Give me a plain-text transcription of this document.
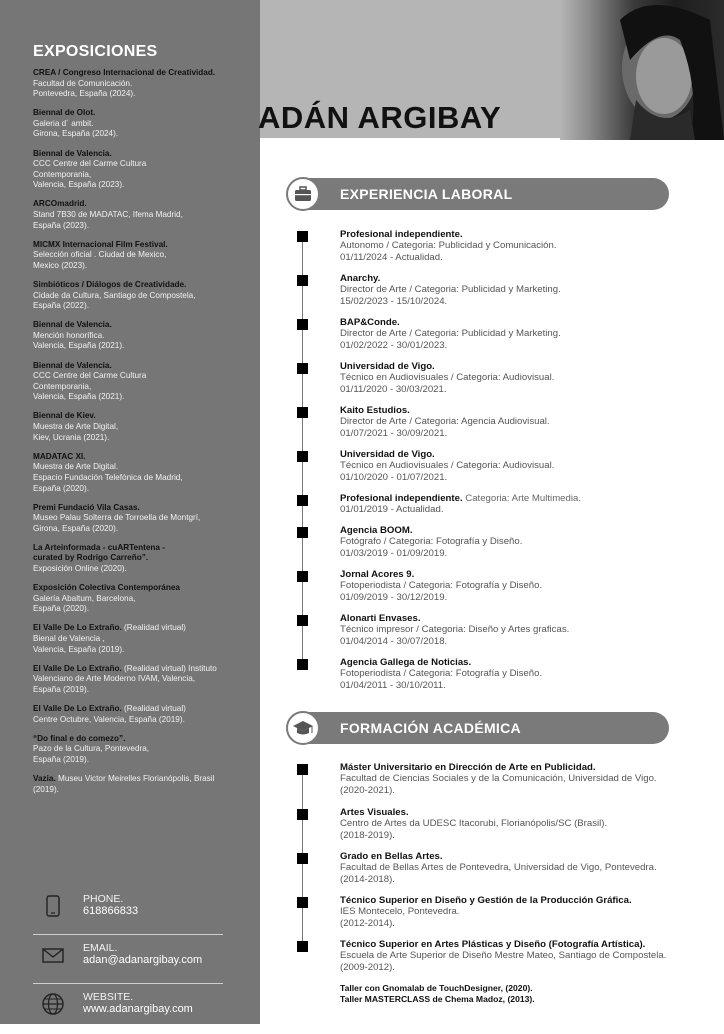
EXPOSICIONES
CREA / Congreso Internacional de Creatividad.
Facultad de Comunicación.
Pontevedra, España (2024).
Biennal de Olot.
Galeria d´ ambit.
Girona, España (2024).
Biennal de Valencia.
CCC Centre del Carme Cultura
Contemporania,
Valencia, España (2023).
ARCOmadrid.
Stand 7B30 de MADATAC, Ifema Madrid,
España (2023).
MICMX Internacional Film Festival.
Selección oficial . Ciudad de Mexico,
Mexico (2023).
Simbióticos / Diálogos de Creatividade.
Cidade da Cultura, Santiago de Compostela,
España (2022).
Biennal de Valencia.
Mención honorífica.
Valencia, España (2021).
Biennal de Valencia.
CCC Centre del Carme Cultura
Contemporania,
Valencia, España (2021).
Biennal de Kiev.
Muestra de Arte Digital,
Kiev, Ucrania (2021).
MADATAC XI.
Muestra de Arte Digital.
Espacio Fundación Telefónica de Madrid,
España (2020).
Premi Fundació Vila Casas.
Museo Palau Solterra de Torroella de Montgrí,
Girona, España (2020).
La Arteinformada - cuARTentena -
curated by Rodrigo Carreño”.
Exposición Online (2020).
Exposición Colectiva Contemporánea
Galería Abaltum, Barcelona,
España (2020).
El Valle De Lo Extraño. (Realidad virtual)
Bienal de Valencia ,
Valencia, España (2019).
El Valle De Lo Extraño. (Realidad virtual) Instituto
Valenciano de Arte Moderno IVAM, Valencia,
España (2019).
El Valle De Lo Extraño. (Realidad virtual)
Centre Octubre, Valencia, España (2019).
“Do final e do comezo”.
Pazo de la Cultura, Pontevedra,
España (2019).
Vazia. Museu Victor Meirelles Florianópolis, Brasil
(2019).
PHONE.
618866833
EMAIL.
adan@adanargibay.com
WEBSITE.
www.adanargibay.com
ADÁN ARGIBAY
EXPERIENCIA LABORAL
Profesional independiente.
Autonomo / Categoria: Publicidad y Comunicación.
01/11/2024 - Actualidad.
Anarchy.
Director de Arte / Categoria: Publicidad y Marketing.
15/02/2023 - 15/10/2024.
BAP&Conde.
Director de Arte / Categoria: Publicidad y Marketing.
01/02/2022 - 30/01/2023.
Universidad de Vigo.
Técnico en Audiovisuales / Categoria: Audiovisual.
01/11/2020 - 30/03/2021.
Kaito Estudios.
Director de Arte / Categoria: Agencia Audiovisual.
01/07/2021 - 30/09/2021.
Universidad de Vigo.
Técnico en Audiovisuales / Categoria: Audiovisual.
01/10/2020 - 01/07/2021.
Profesional independiente. Categoria: Arte Multimedia.
01/01/2019 - Actualidad.
Agencia BOOM.
Fotógrafo / Categoria: Fotografía y Diseño.
01/03/2019 - 01/09/2019.
Jornal Acores 9.
Fotoperiodista / Categoria: Fotografía y Diseño.
01/09/2019 - 30/12/2019.
Alonarti Envases.
Técnico impresor / Categoria: Diseño y Artes graficas.
01/04/2014 - 30/07/2018.
Agencia Gallega de Noticias.
Fotoperiodista / Categoria: Fotografía y Diseño.
01/04/2011 - 30/10/2011.
FORMACIÓN ACADÉMICA
Máster Universitario en Dirección de Arte en Publicidad.
Facultad de Ciencias Sociales y de la Comunicación, Universidad de Vigo.
(2020-2021).
Artes Visuales.
Centro de Artes da UDESC Itacorubi, Florianópolis/SC (Brasil).
(2018-2019).
Grado en Bellas Artes.
Facultad de Bellas Artes de Pontevedra, Universidad de Vigo, Pontevedra.
(2014-2018).
Técnico Superior en Diseño y Gestión de la Producción Gráfica.
IES Montecelo, Pontevedra.
(2012-2014).
Técnico Superior en Artes Plásticas y Diseño (Fotografía Artística).
Escuela de Arte Superior de Diseño Mestre Mateo, Santiago de Compostela.
(2009-2012).
Taller con Gnomalab de TouchDesigner, (2020).
Taller MASTERCLASS de Chema Madoz, (2013).
